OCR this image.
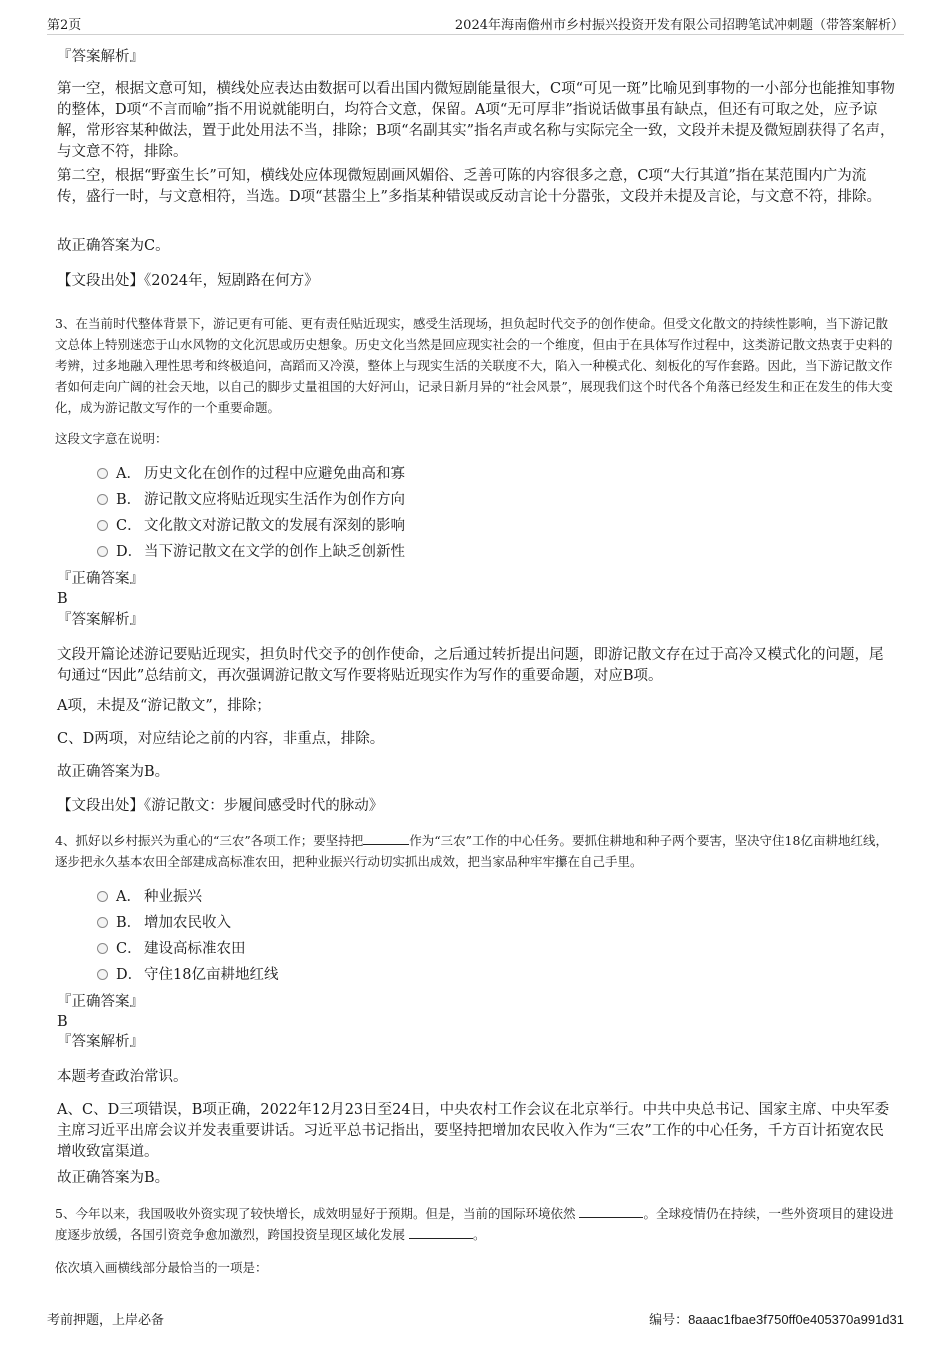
第2页	2024年海南儋州市乡村振兴投资开发有限公司招聘笔试冲刺题（带答案解析）
『答案解析』
第一空，根据文意可知，横线处应表达由数据可以看出国内微短剧能量很大，C项“可见一斑”比喻见到事物的一小部分也能推知事物的整体，D项“不言而喻”指不用说就能明白，均符合文意，保留。A项“无可厚非”指说话做事虽有缺点，但还有可取之处，应予谅解，常形容某种做法，置于此处用法不当，排除；B项“名副其实”指名声或名称与实际完全一致，文段并未提及微短剧获得了名声，与文意不符，排除。
第二空，根据“野蛮生长”可知，横线处应体现微短剧画风媚俗、乏善可陈的内容很多之意，C项“大行其道”指在某范围内广为流传，盛行一时，与文意相符，当选。D项“甚嚣尘上”多指某种错误或反动言论十分嚣张，文段并未提及言论，与文意不符，排除。
故正确答案为C。
【文段出处】《2024年，短剧路在何方》
3、在当前时代整体背景下，游记更有可能、更有责任贴近现实，感受生活现场，担负起时代交予的创作使命。但受文化散文的持续性影响，当下游记散文总体上特别迷恋于山水风物的文化沉思或历史想象。历史文化当然是回应现实社会的一个维度，但由于在具体写作过程中，这类游记散文热衷于史料的考辨，过多地融入理性思考和终极追问，高蹈而又冷漠，整体上与现实生活的关联度不大，陷入一种模式化、刻板化的写作套路。因此，当下游记散文作者如何走向广阔的社会天地，以自己的脚步丈量祖国的大好河山，记录日新月异的“社会风景”，展现我们这个时代各个角落已经发生和正在发生的伟大变化，成为游记散文写作的一个重要命题。
这段文字意在说明：
A． 历史文化在创作的过程中应避免曲高和寡
B． 游记散文应将贴近现实生活作为创作方向
C． 文化散文对游记散文的发展有深刻的影响
D． 当下游记散文在文学的创作上缺乏创新性
『正确答案』
B
『答案解析』
文段开篇论述游记要贴近现实，担负时代交予的创作使命，之后通过转折提出问题，即游记散文存在过于高冷又模式化的问题，尾句通过“因此”总结前文，再次强调游记散文写作要将贴近现实作为写作的重要命题，对应B项。
A项，未提及“游记散文”，排除；
C、D两项，对应结论之前的内容，非重点，排除。
故正确答案为B。
【文段出处】《游记散文：步履间感受时代的脉动》
4、抓好以乡村振兴为重心的“三农”各项工作；要坚持把	作为“三农”工作的中心任务。要抓住耕地和种子两个要害，坚决守住18亿亩耕地红线，逐步把永久基本农田全部建成高标准农田，把种业振兴行动切实抓出成效，把当家品种牢牢攥在自己手里。
A． 种业振兴
B． 增加农民收入
C． 建设高标准农田
D． 守住18亿亩耕地红线
『正确答案』
B
『答案解析』
本题考查政治常识。
A、C、D三项错误，B项正确，2022年12月23日至24日，中央农村工作会议在北京举行。中共中央总书记、国家主席、中央军委主席习近平出席会议并发表重要讲话。习近平总书记指出，要坚持把增加农民收入作为“三农”工作的中心任务，千方百计拓宽农民增收致富渠道。
故正确答案为B。
5、今年以来，我国吸收外资实现了较快增长，成效明显好于预期。但是，当前的国际环境依然	。全球疫情仍在持续，一些外资项目的建设进度逐步放缓，各国引资竞争愈加激烈，跨国投资呈现区域化发展	。
依次填入画横线部分最恰当的一项是：
考前押题，上岸必备	编号：8aaac1fbae3f750ff0e405370a991d31
